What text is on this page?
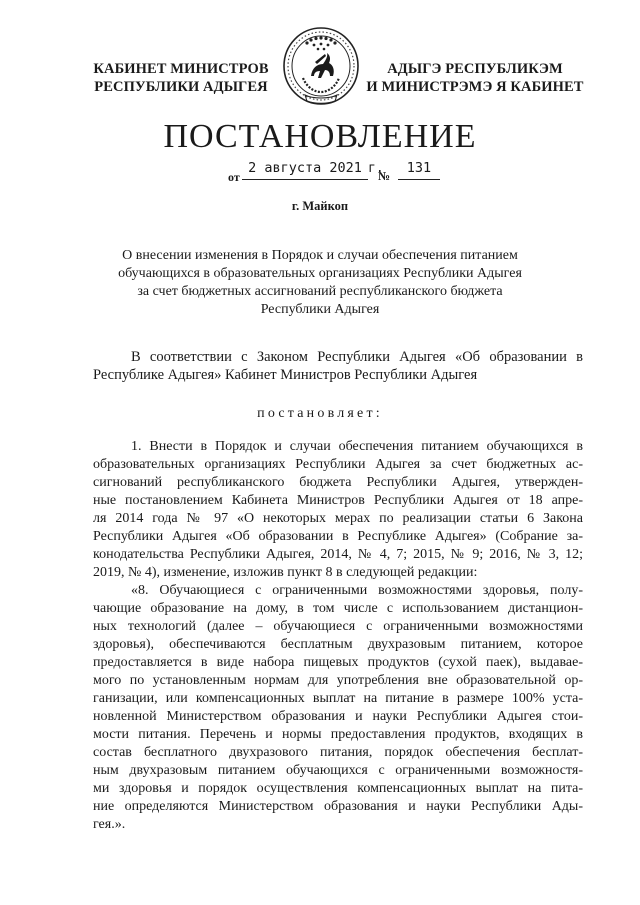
КАБИНЕТ МИНИСТРОВ
РЕСПУБЛИКИ АДЫГЕЯ
АДЫГЭ РЕСПУБЛИКЭМ
И МИНИСТРЭМЭ Я КАБИНЕТ
ПОСТАНОВЛЕНИЕ
от
2 августа 2021 г.
№	131
г. Майкоп
О внесении изменения в Порядок и случаи обеспечения питанием
обучающихся в образовательных организациях Республики Адыгея
за счет бюджетных ассигнований республиканского бюджета
Республики Адыгея
В соответствии с Законом Республики Адыгея «Об образовании в
Республике Адыгея» Кабинет Министров Республики Адыгея
постановляет:
1. Внести в Порядок и случаи обеспечения питанием обучающихся в
образовательных организациях Республики Адыгея за счет бюджетных ас-
сигнований республиканского бюджета Республики Адыгея, утвержден-
ные постановлением Кабинета Министров Республики Адыгея от 18 апре-
ля 2014 года № 97 «О некоторых мерах по реализации статьи 6 Закона
Республики Адыгея «Об образовании в Республике Адыгея» (Собрание за-
конодательства Республики Адыгея, 2014, № 4, 7; 2015, № 9; 2016, № 3, 12;
2019, № 4), изменение, изложив пункт 8 в следующей редакции:
«8. Обучающиеся с ограниченными возможностями здоровья, полу-
чающие образование на дому, в том числе с использованием дистанцион-
ных технологий (далее – обучающиеся с ограниченными возможностями
здоровья), обеспечиваются бесплатным двухразовым питанием, которое
предоставляется в виде набора пищевых продуктов (сухой паек), выдавае-
мого по установленным нормам для употребления вне образовательной ор-
ганизации, или компенсационных выплат на питание в размере 100% уста-
новленной Министерством образования и науки Республики Адыгея стои-
мости питания. Перечень и нормы предоставления продуктов, входящих в
состав бесплатного двухразового питания, порядок обеспечения бесплат-
ным двухразовым питанием обучающихся с ограниченными возможностя-
ми здоровья и порядок осуществления компенсационных выплат на пита-
ние определяются Министерством образования и науки Республики Ады-
гея.».
